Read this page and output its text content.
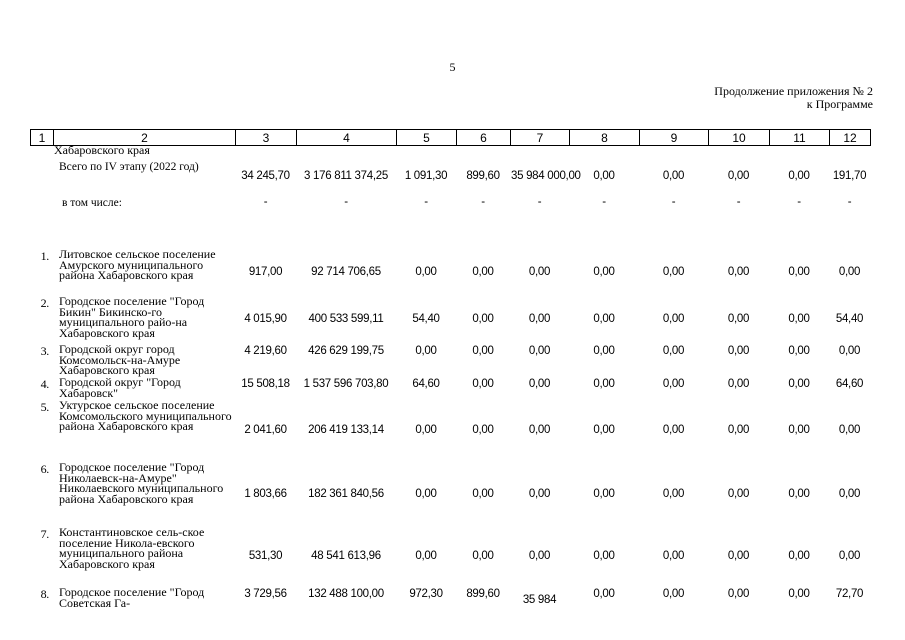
5
Продолжение приложения № 2
к Программе
1	2	3	4	5	6	7	8	9	10	11	12
	Хабаровского края										
	Всего по IV этапу (2022 год)	34 245,70	3 176 811 374,25	1 091,30	899,60	35 984 000,00	0,00	0,00	0,00	0,00	191,70
	в том числе:	-	-	-	-	-	-	-	-	-	-
1.	Литовское сельское поселение Амурского муниципального района Хабаровского края	917,00	92 714 706,65	0,00	0,00	0,00	0,00	0,00	0,00	0,00	0,00
2.	Городское поселение "Город Бикин" Бикинско-го муниципального райо-на Хабаровского края	4 015,90	400 533 599,11	54,40	0,00	0,00	0,00	0,00	0,00	0,00	54,40
3.	Городской округ город Комсомольск-на-Амуре Хабаровского края	4 219,60	426 629 199,75	0,00	0,00	0,00	0,00	0,00	0,00	0,00	0,00
4.	Городской округ "Город Хабаровск"	15 508,18	1 537 596 703,80	64,60	0,00	0,00	0,00	0,00	0,00	0,00	64,60
5.	Уктурское сельское поселение Комсомольского муниципального района Хабаровского края	2 041,60	206 419 133,14	0,00	0,00	0,00	0,00	0,00	0,00	0,00	0,00
6.	Городское поселение "Город Николаевск-на-Амуре" Николаевского муниципального района Хабаровского края	1 803,66	182 361 840,56	0,00	0,00	0,00	0,00	0,00	0,00	0,00	0,00
7.	Константиновское сель-ское поселение Никола-евского муниципального района Хабаровского края	531,30	48 541 613,96	0,00	0,00	0,00	0,00	0,00	0,00	0,00	0,00
8.	Городское поселение "Город Советская Га-	3 729,56	132 488 100,00	972,30	899,60	35 984	0,00	0,00	0,00	0,00	72,70
